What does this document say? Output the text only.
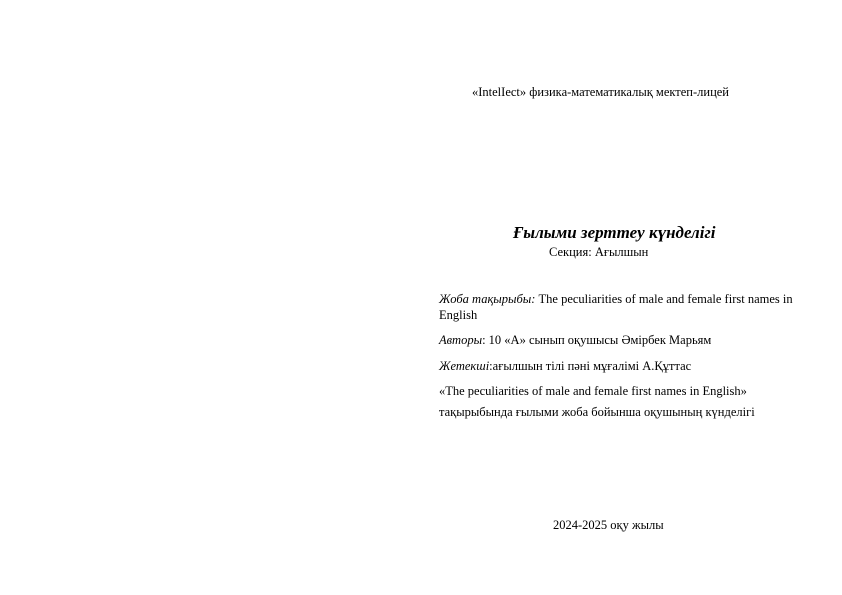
«IntelIect» физика-математикалық мектеп-лицей
Ғылыми зерттеу күнделігі
Секция: Ағылшын

Жоба тақырыбы: The peculiarities of male and female first names in English

Авторы: 10 «А» сынып оқушысы Әмірбек Марьям

Жетекші:ағылшын тілі пәні мұғалімі А.Құттас

«The peculiarities of male and female first names in English»

тақырыбында ғылыми жоба бойынша оқушының күнделігі

2024-2025 оқу жылы
